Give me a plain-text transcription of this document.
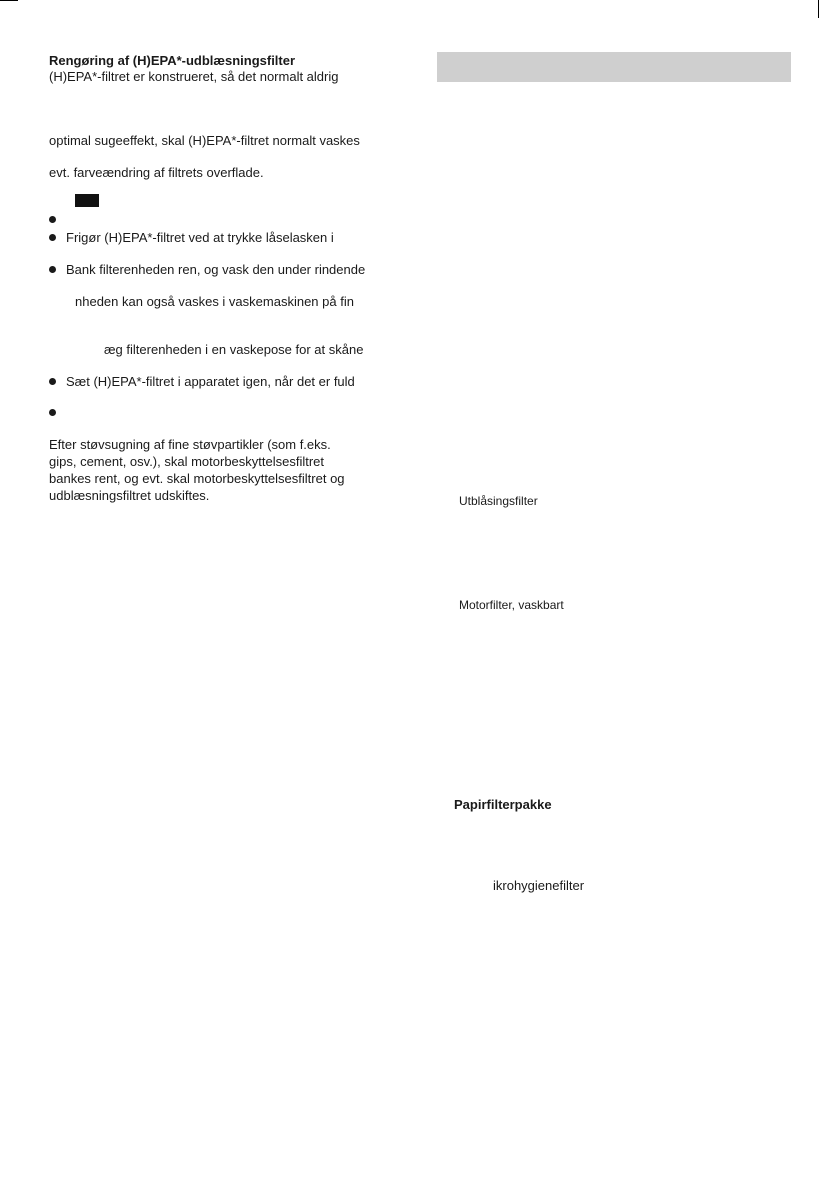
Rengøring af (H)EPA*-udblæsningsfilter
(H)EPA*-filtret er konstrueret, så det normalt aldrig
optimal sugeeffekt, skal (H)EPA*-filtret normalt vaskes
evt. farveændring af filtrets overflade.
Frigør (H)EPA*-filtret ved at trykke låselasken i
Bank filterenheden ren, og vask den under rindende
nheden kan også vaskes i vaskemaskinen på fin
æg filterenheden i en vaskepose for at skåne
Sæt (H)EPA*-filtret i apparatet igen, når det er fuld
Efter støvsugning af fine støvpartikler (som f.eks.
gips, cement, osv.), skal motorbeskyttelsesfiltret
bankes rent, og evt. skal motorbeskyttelsesfiltret og
udblæsningsfiltret udskiftes.	Utblåsingsfilter
Motorfilter, vaskbart
Papirfilterpakke
ikrohygienefilter
